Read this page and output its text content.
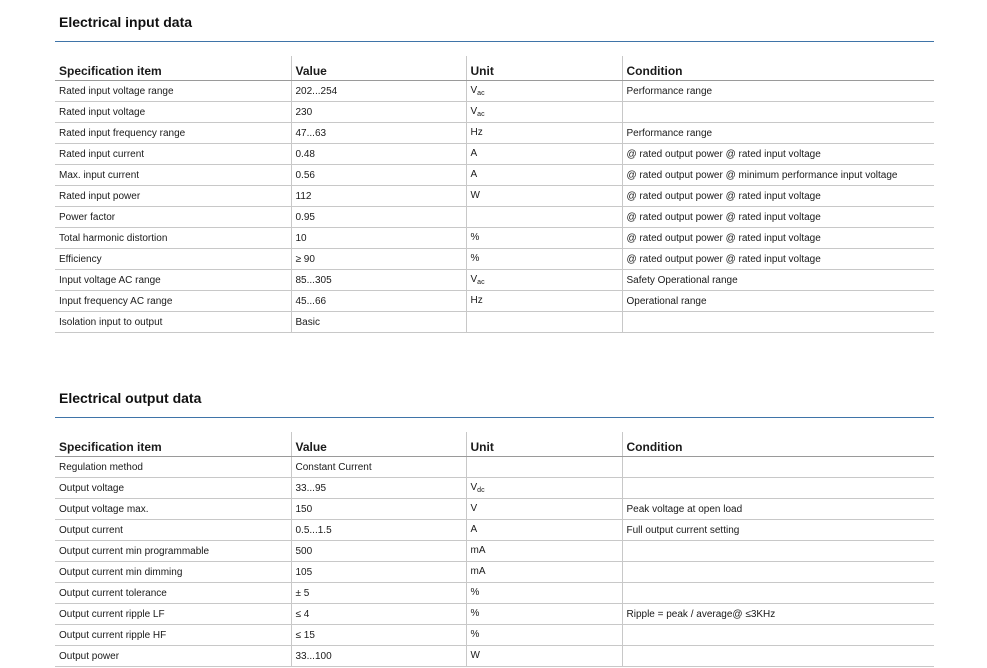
Electrical input data
Specification item	Value	Unit	Condition
Rated input voltage range	202...254	$V_{ac}$	Performance range
Rated input voltage	230	$V_{ac}$	
Rated input frequency range	47...63	Hz	Performance range
Rated input current	0.48	A	@ rated output power @ rated input voltage
Max. input current	0.56	A	@ rated output power @ minimum performance input voltage
Rated input power	112	W	@ rated output power @ rated input voltage
Power factor	0.95		@ rated output power @ rated input voltage
Total harmonic distortion	10	%	@ rated output power @ rated input voltage
Efficiency	≥ 90	%	@ rated output power @ rated input voltage
Input voltage AC range	85...305	$V_{ac}$	Safety Operational range
Input frequency AC range	45...66	Hz	Operational range
Isolation input to output	Basic		
Electrical output data
Specification item	Value	Unit	Condition
Regulation method	Constant Current		
Output voltage	33...95	$V_{dc}$	
Output voltage max.	150	V	Peak voltage at open load
Output current	0.5...1.5	A	Full output current setting
Output current min programmable	500	mA	
Output current min dimming	105	mA	
Output current tolerance	± 5	%	
Output current ripple LF	≤ 4	%	Ripple = peak / average@ ≤3KHz
Output current ripple HF	≤ 15	%	
Output power	33...100	W	
